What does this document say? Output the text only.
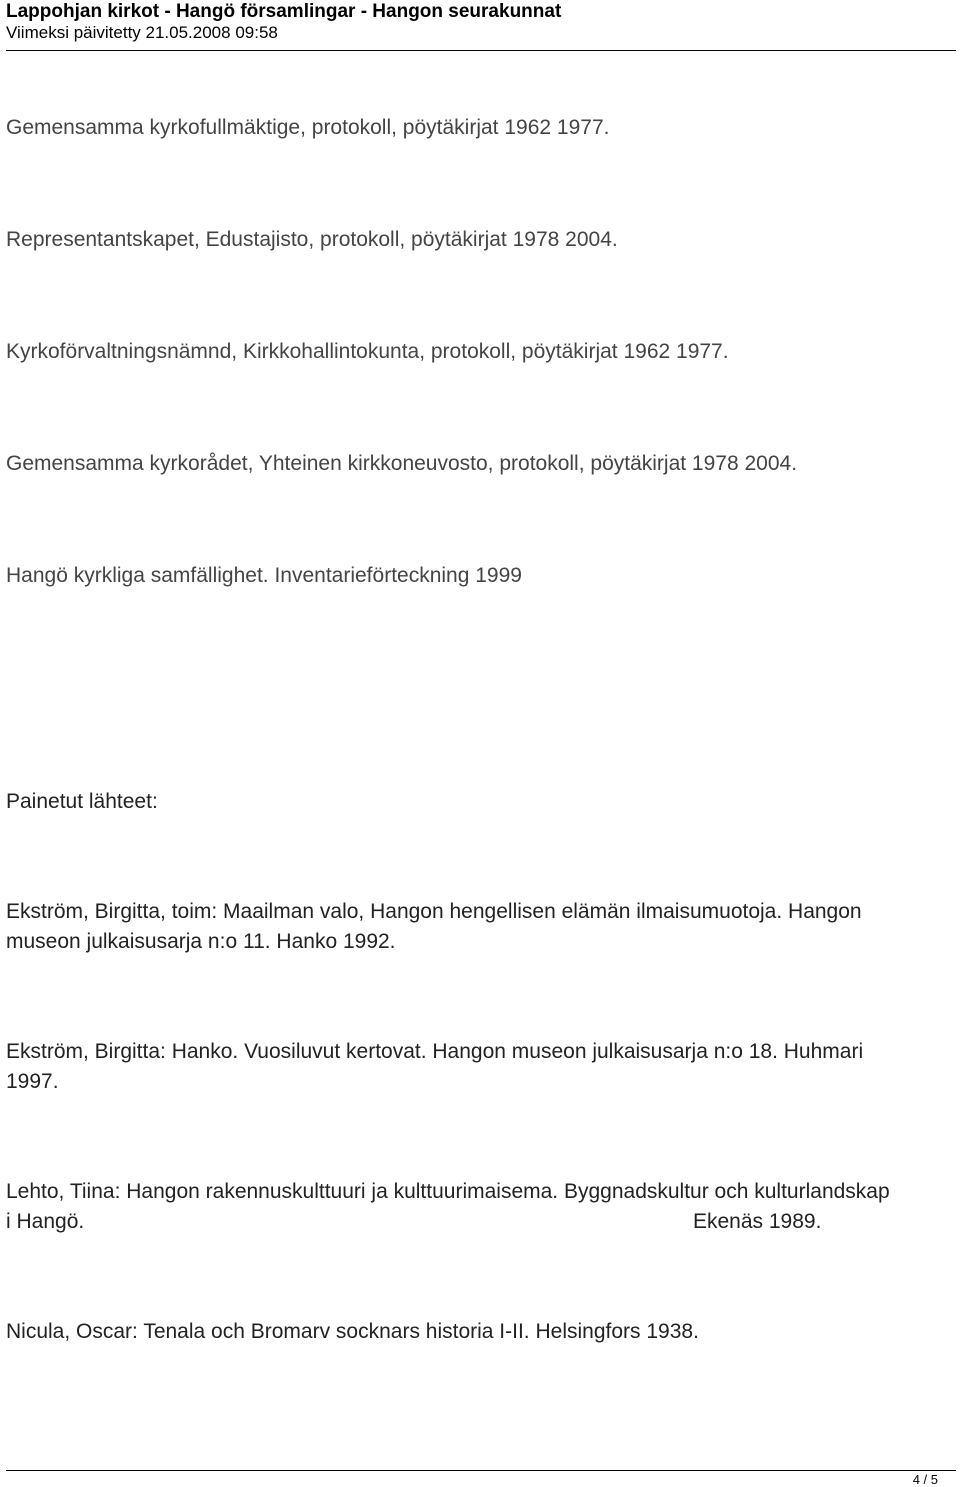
Lappohjan kirkot - Hangö församlingar - Hangon seurakunnat
Viimeksi päivitetty 21.05.2008 09:58
Gemensamma kyrkofullmäktige, protokoll, pöytäkirjat 1962 1977.
Representantskapet, Edustajisto, protokoll, pöytäkirjat 1978 2004.
Kyrkoförvaltningsnämnd, Kirkkohallintokunta, protokoll, pöytäkirjat 1962 1977.
Gemensamma kyrkorådet, Yhteinen kirkkoneuvosto, protokoll, pöytäkirjat 1978 2004.
Hangö kyrkliga samfällighet. Inventarieförteckning 1999
Painetut lähteet:
Ekström, Birgitta, toim: Maailman valo, Hangon hengellisen elämän ilmaisumuotoja. Hangon
museon julkaisusarja n:o 11. Hanko 1992.
Ekström, Birgitta: Hanko. Vuosiluvut kertovat. Hangon museon julkaisusarja n:o 18. Huhmari
1997.
Lehto, Tiina: Hangon rakennuskulttuuri ja kulttuurimaisema. Byggnadskultur och kulturlandskap
i Hangö.	Ekenäs 1989.
Nicula, Oscar: Tenala och Bromarv socknars historia I-II. Helsingfors 1938.
4 / 5
